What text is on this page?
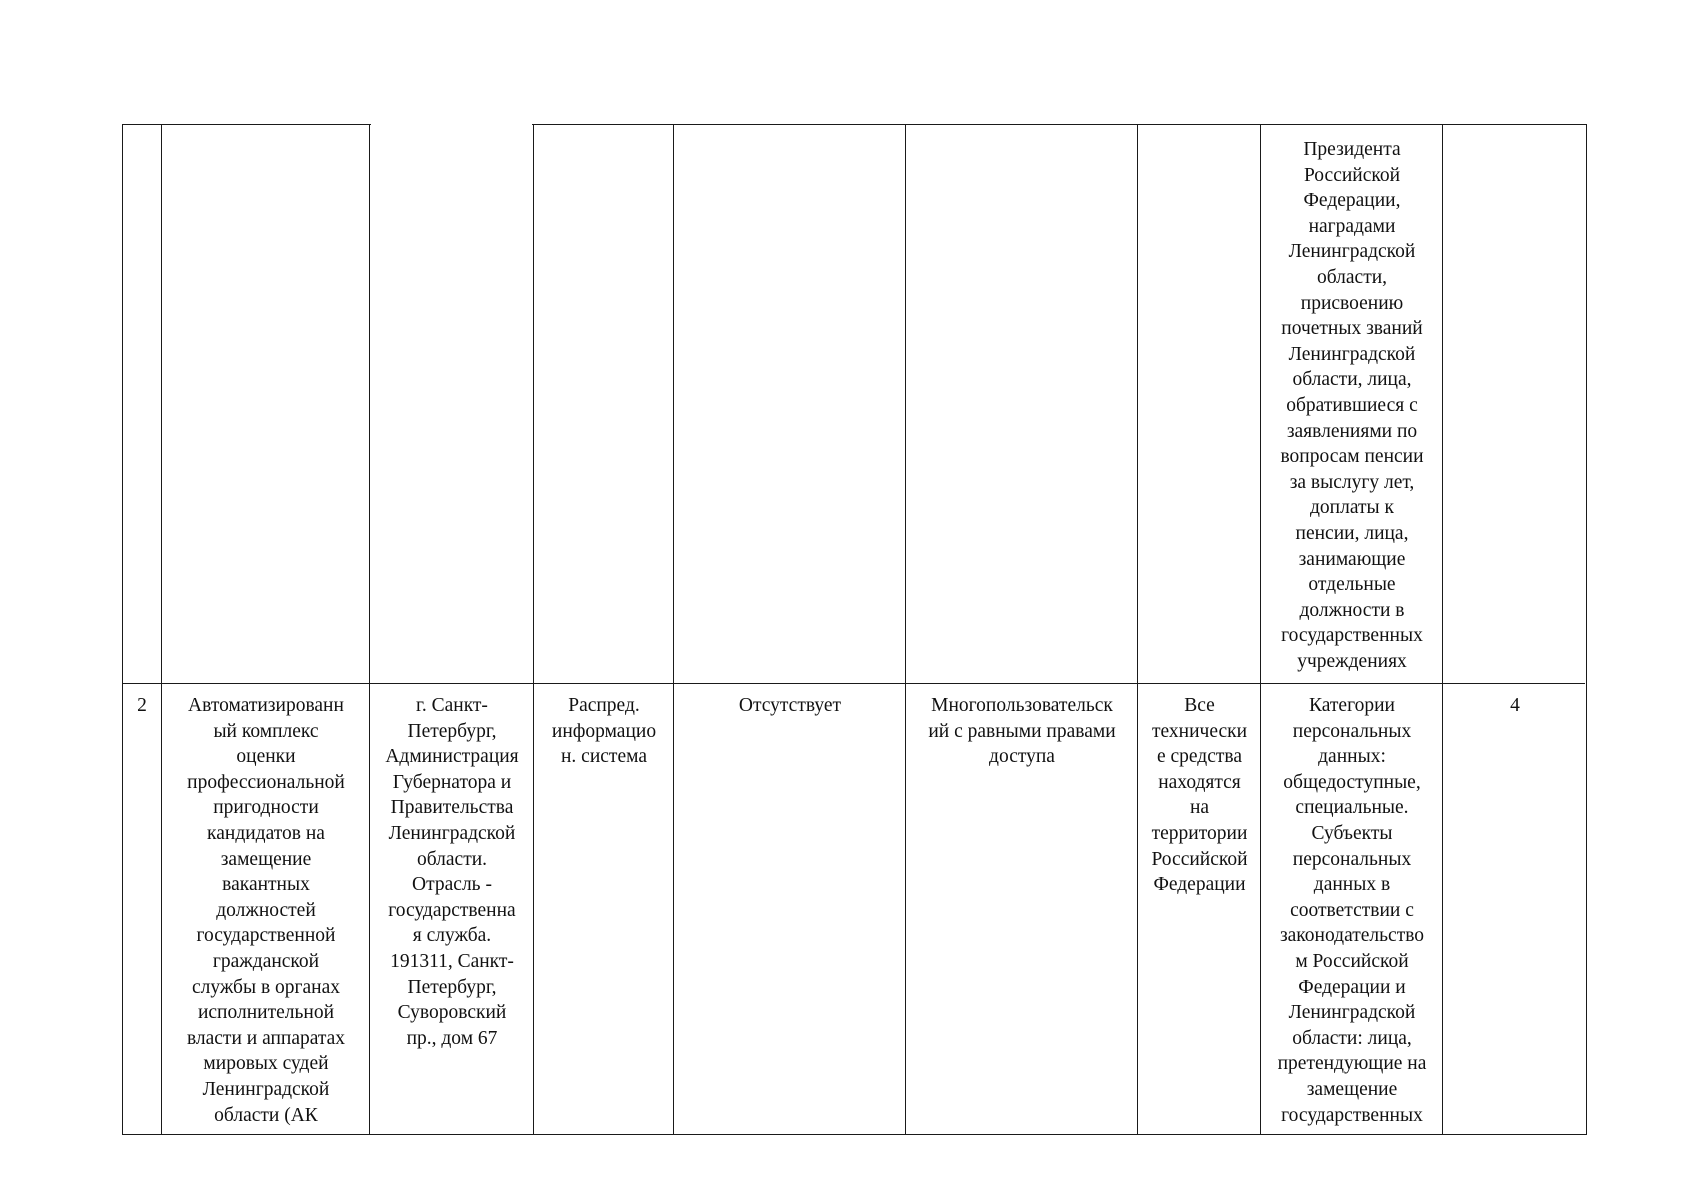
Президента
Российской
Федерации,
наградами
Ленинградской
области,
присвоению
почетных званий
Ленинградской
области, лица,
обратившиеся с
заявлениями по
вопросам пенсии
за выслугу лет,
доплаты к
пенсии, лица,
занимающие
отдельные
должности в
государственных
учреждениях
2	Автоматизированн
ый комплекс
оценки
профессиональной
пригодности
кандидатов на
замещение
вакантных
должностей
государственной
гражданской
службы в органах
исполнительной
власти и аппаратах
мировых судей
Ленинградской
области (АК
г. Санкт-
Петербург,
Администрация
Губернатора и
Правительства
Ленинградской
области.
Отрасль -
государственна
я служба.
191311, Санкт-
Петербург,
Суворовский
пр., дом 67
Распред.
информацио
н. система
Отсутствует	Многопользовательск
ий с равными правами
доступа
Все
технически
е средства
находятся
на
территории
Российской
Федерации
Категории
персональных
данных:
общедоступные,
специальные.
Субъекты
персональных
данных в
соответствии с
законодательство
м Российской
Федерации и
Ленинградской
области: лица,
претендующие на
замещение
государственных
4
